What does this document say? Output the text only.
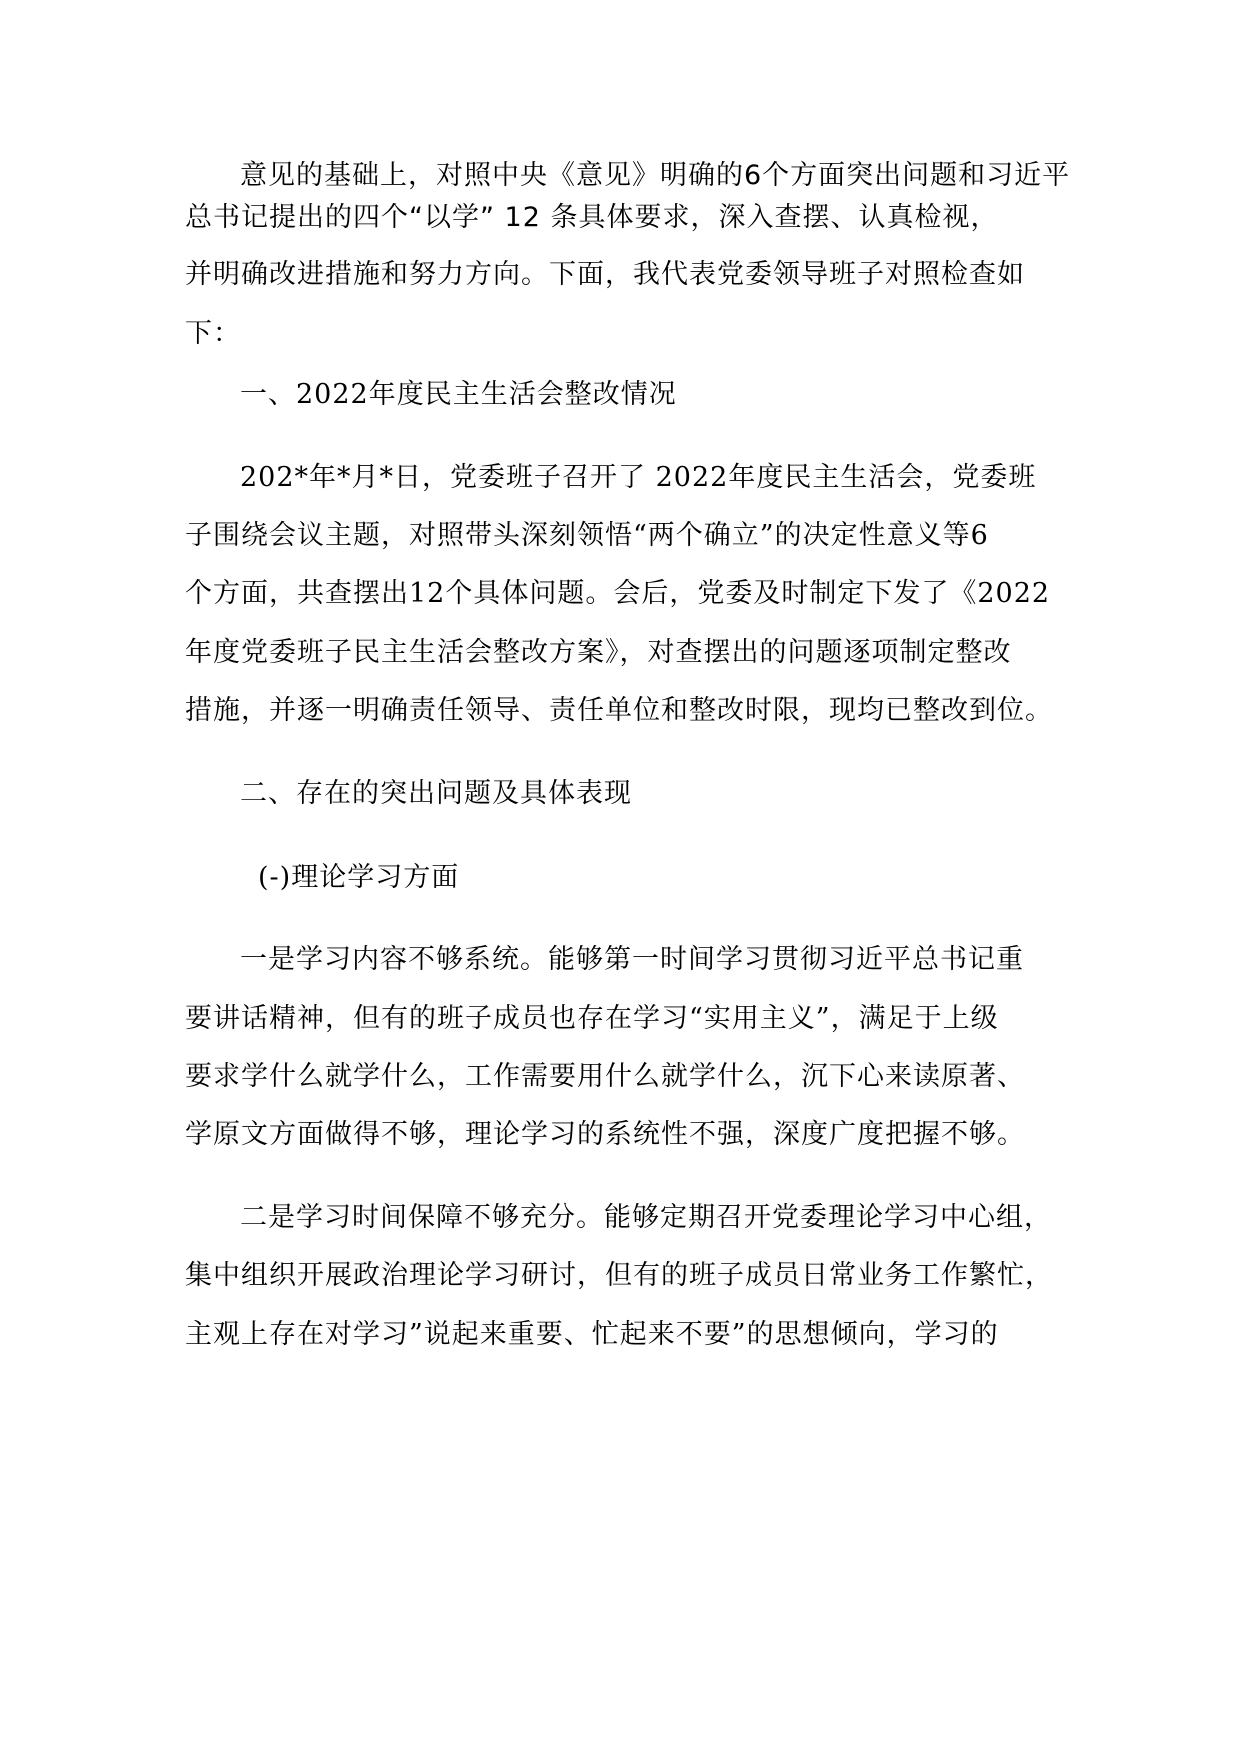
意见的基础上，对照中央《意见》明确的6个方面突出问题和习近平
总书记提出的四个“以学” 12 条具体要求，深入查摆、认真检视，
并明确改进措施和努力方向。下面，我代表党委领导班子对照检查如
下：
一、2022年度民主生活会整改情况
202*年*月*日，党委班子召开了 2022年度民主生活会，党委班
子围绕会议主题，对照带头深刻领悟“两个确立”的决定性意义等6
个方面，共查摆出12个具体问题。会后，党委及时制定下发了《2022
年度党委班子民主生活会整改方案》，对查摆出的问题逐项制定整改
措施，并逐一明确责任领导、责任单位和整改时限，现均已整改到位。
二、存在的突出问题及具体表现
(-)理论学习方面
一是学习内容不够系统。能够第一时间学习贯彻习近平总书记重
要讲话精神，但有的班子成员也存在学习“实用主义”，满足于上级
要求学什么就学什么，工作需要用什么就学什么，沉下心来读原著、
学原文方面做得不够，理论学习的系统性不强，深度广度把握不够。
二是学习时间保障不够充分。能够定期召开党委理论学习中心组，
集中组织开展政治理论学习研讨，但有的班子成员日常业务工作繁忙，
主观上存在对学习”说起来重要、忙起来不要”的思想倾向，学习的
